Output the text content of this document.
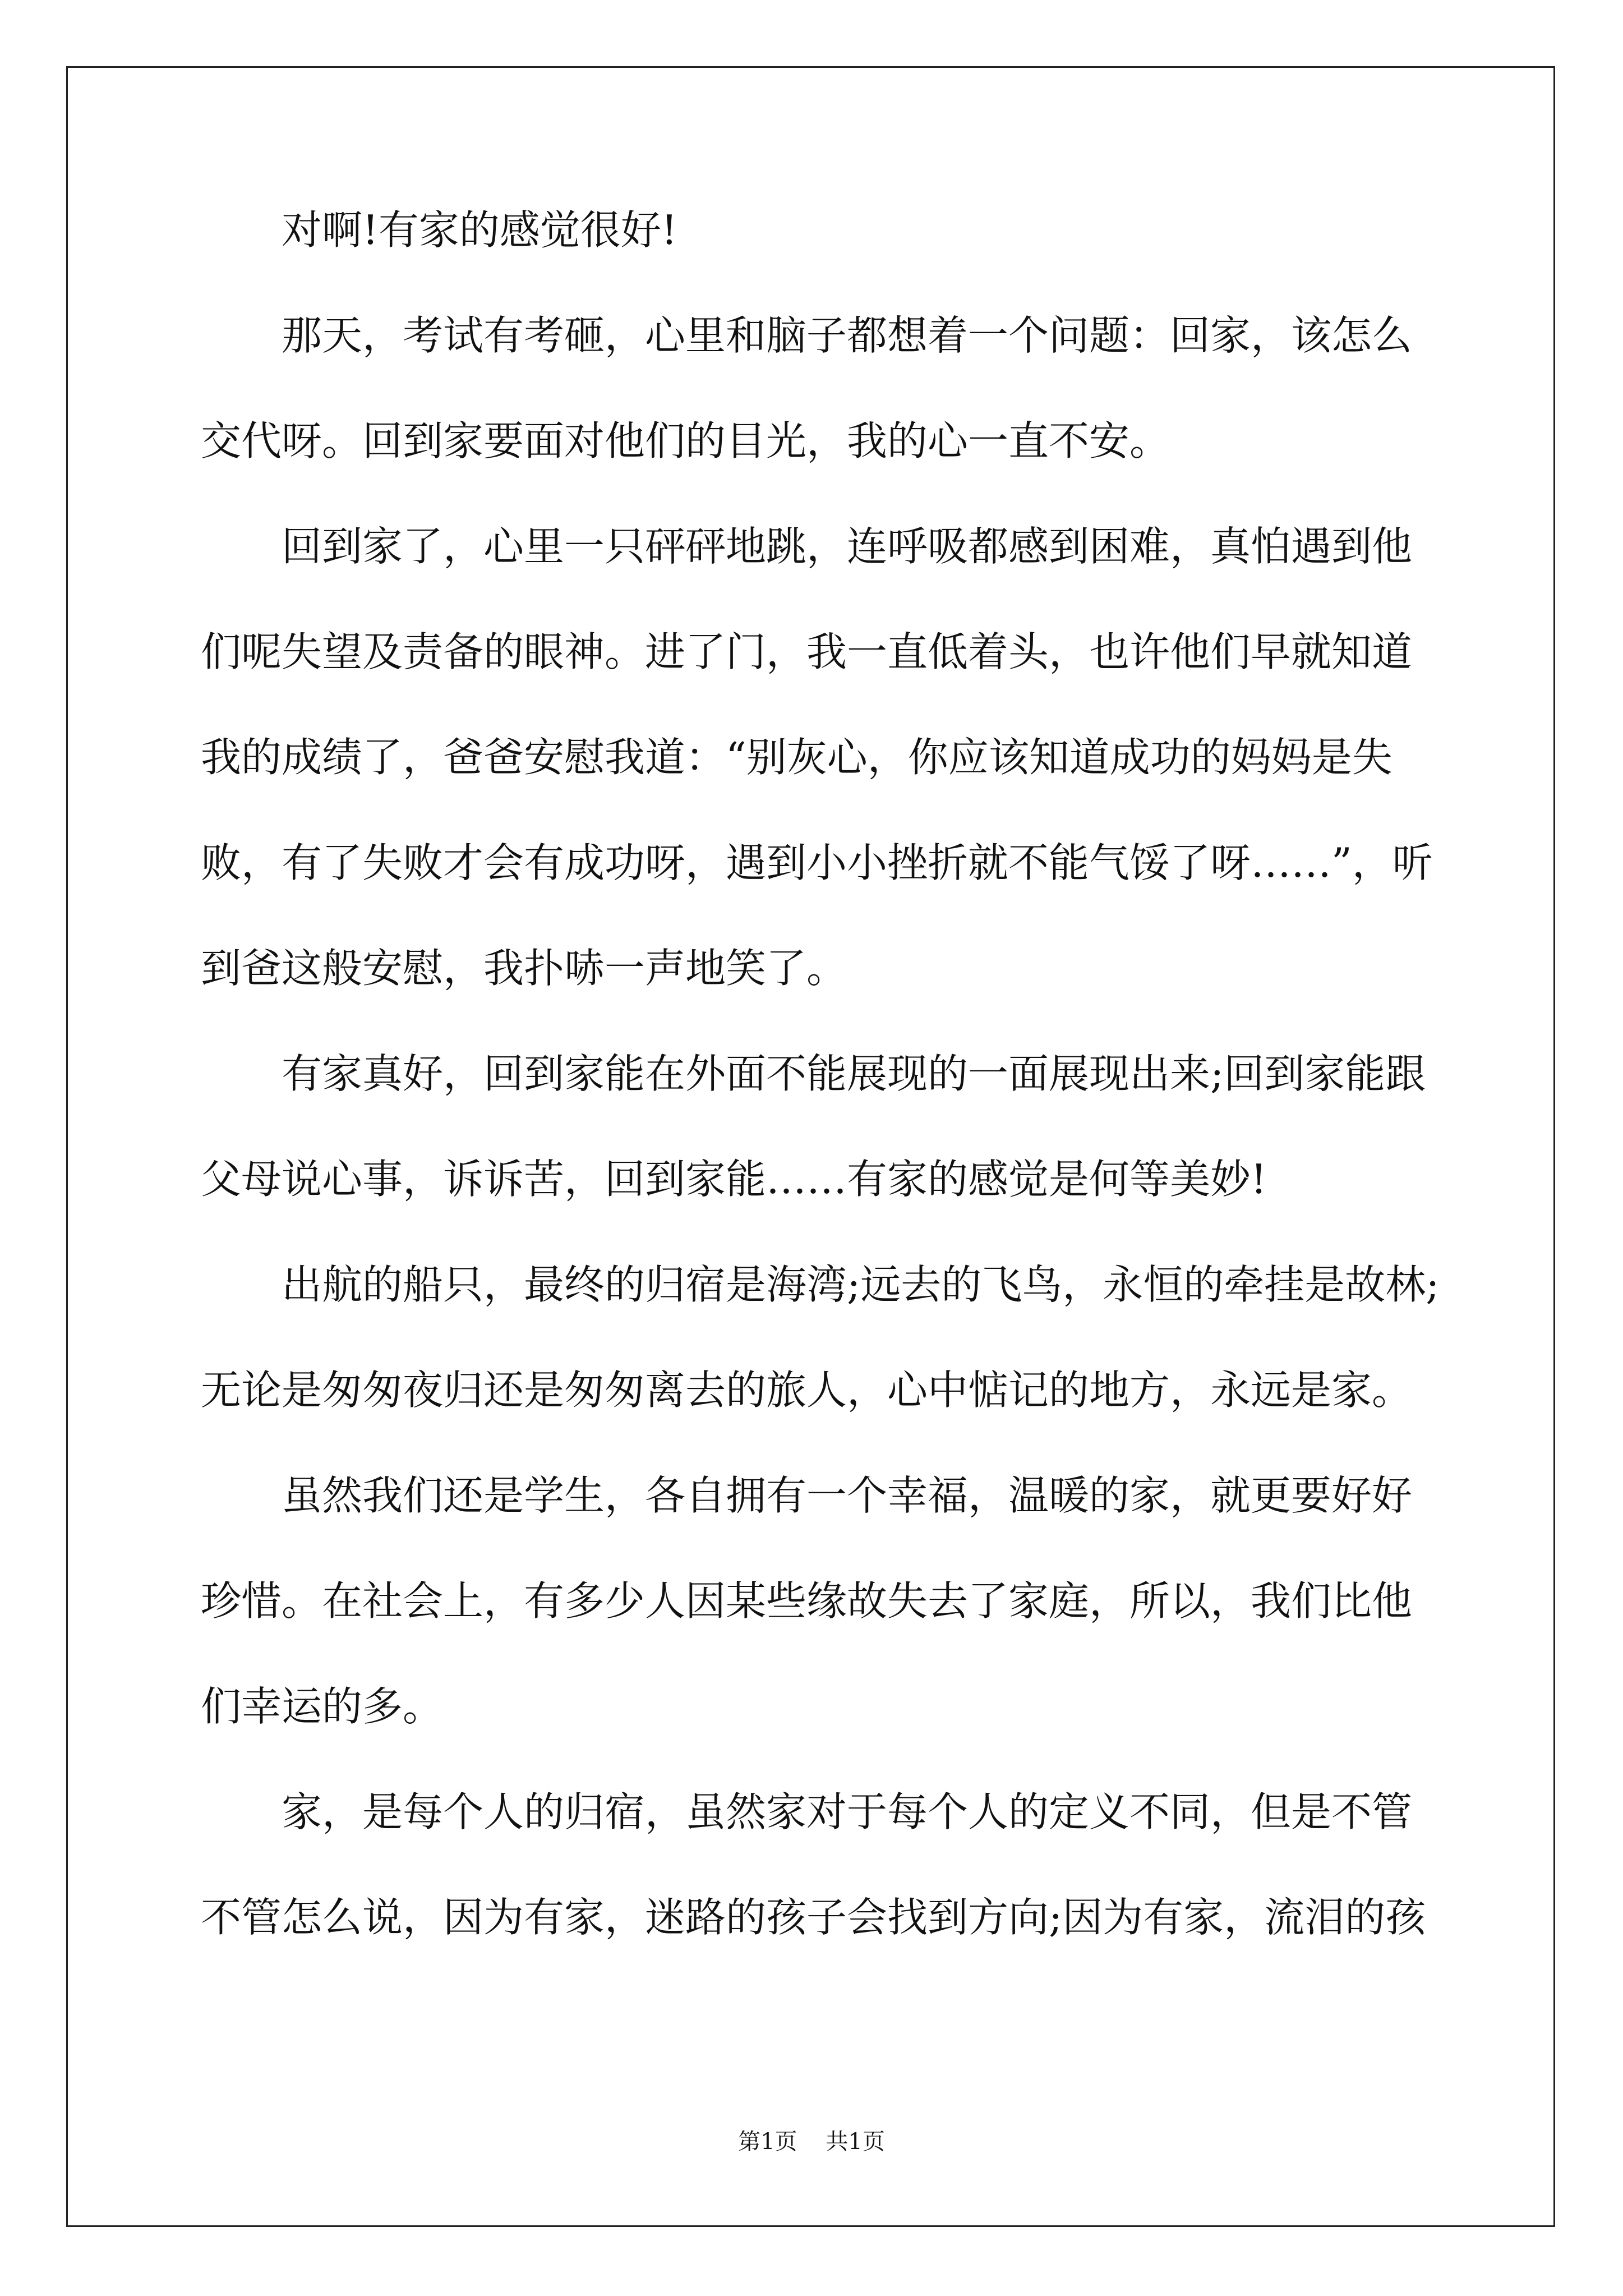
对啊!有家的感觉很好!
那天，考试有考砸，心里和脑子都想着一个问题：回家，该怎么
交代呀。回到家要面对他们的目光，我的心一直不安。
回到家了，心里一只砰砰地跳，连呼吸都感到困难，真怕遇到他
们呢失望及责备的眼神。进了门，我一直低着头，也许他们早就知道
我的成绩了，爸爸安慰我道：“别灰心，你应该知道成功的妈妈是失
败，有了失败才会有成功呀，遇到小小挫折就不能气馁了呀……”，听
到爸这般安慰，我扑哧一声地笑了。
有家真好，回到家能在外面不能展现的一面展现出来;回到家能跟
父母说心事，诉诉苦，回到家能……有家的感觉是何等美妙!
出航的船只，最终的归宿是海湾;远去的飞鸟，永恒的牵挂是故林;
无论是匆匆夜归还是匆匆离去的旅人，心中惦记的地方，永远是家。
虽然我们还是学生，各自拥有一个幸福，温暖的家，就更要好好
珍惜。在社会上，有多少人因某些缘故失去了家庭，所以，我们比他
们幸运的多。
家，是每个人的归宿，虽然家对于每个人的定义不同，但是不管
不管怎么说，因为有家，迷路的孩子会找到方向;因为有家，流泪的孩
第1页    共1页
